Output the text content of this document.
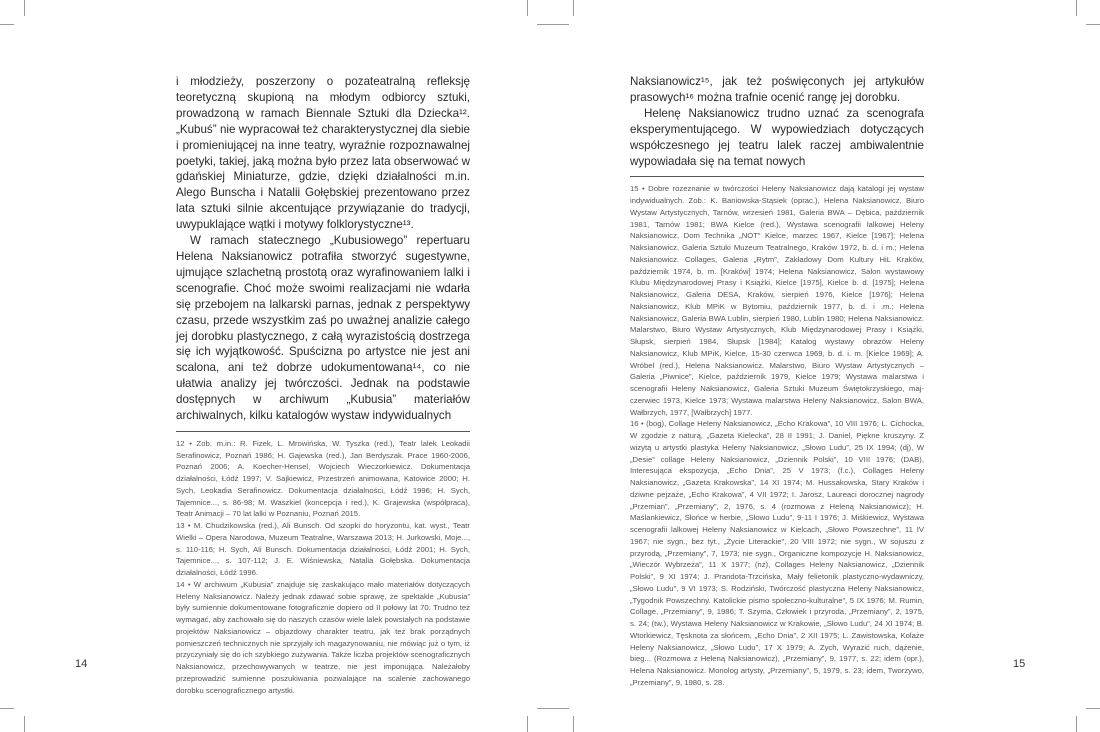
i młodzieży, poszerzony o pozateatralną refleksję teoretyczną skupioną na młodym odbiorcy sztuki, prowadzoną w ramach Biennale Sztuki dla Dziecka¹². „Kubuś” nie wypracował też charakterystycznej dla siebie i promieniującej na inne teatry, wyraźnie rozpoznawalnej poetyki, takiej, jaką można było przez lata obserwować w gdańskiej Miniaturze, gdzie, dzięki działalności m.in. Alego Bunscha i Natalii Gołębskiej prezentowano przez lata sztuki silnie akcentujące przywiązanie do tradycji, uwypuklające wątki i motywy folklorystyczne¹³.

W ramach statecznego „Kubusiowego” repertuaru Helena Naksianowicz potrafiła stworzyć sugestywne, ujmujące szlachetną prostotą oraz wyrafinowaniem lalki i scenografie. Choć może swoimi realizacjami nie wdarła się przebojem na lalkarski parnas, jednak z perspektywy czasu, przede wszystkim zaś po uważnej analizie całego jej dorobku plastycznego, z całą wyrazistością dostrzega się ich wyjątkowość. Spuścizna po artystce nie jest ani scalona, ani też dobrze udokumentowana¹⁴, co nie ułatwia analizy jej twórczości. Jednak na podstawie dostępnych w archiwum „Kubusia” materiałów archiwalnych, kilku katalogów wystaw indywidualnych

12 • Zob. m.in.: R. Fizek, L. Mrowińska, W. Tyszka (red.), Teatr lalek Leokadii Serafinowicz, Poznań 1986; H. Gajewska (red.), Jan Berdyszak. Prace 1960-2006, Poznań 2006; A. Koecher-Hensel, Wojciech Wieczorkiewicz. Dokumentacja działalności, Łódź 1997; V. Sajkiewicz, Przestrzeń animowana, Katowice 2000; H. Sych, Leokadia Serafinowicz. Dokumentacja działalności, Łódź 1996; H. Sych, Tajemnice..., s. 86-98; M. Waszkiel (koncepcja i red.), K. Grajewska (współpraca), Teatr Animacji – 70 lat lalki w Poznaniu, Poznań 2015.

13 • M. Chudzikowska (red.), Ali Bunsch. Od szopki do horyzontu, kat. wyst., Teatr Wielki – Opera Narodowa, Muzeum Teatralne, Warszawa 2013; H. Jurkowski, Moje..., s. 110-116; H. Sych, Ali Bunsch. Dokumentacja działalności, Łódź 2001; H. Sych, Tajemnice..., s. 107-112; J. E. Wiśniewska, Natalia Gołębska. Dokumentacja działalności, Łódź 1996.

14 • W archiwum „Kubusia” znajduje się zaskakująco mało materiałów dotyczących Heleny Naksianowicz. Należy jednak zdawać sobie sprawę, że spektakle „Kubusia” były sumiennie dokumentowane fotograficznie dopiero od II połowy lat 70. Trudno też wymagać, aby zachowało się do naszych czasów wiele lalek powstałych na podstawie projektów Naksianowicz – objazdowy charakter teatru, jak też brak porządnych pomieszczeń technicznych nie sprzyjały ich magazynowaniu, nie mówiąc już o tym, iż przyczyniały się do ich szybkiego zużywania. Także liczba projektów scenograficznych Naksianowicz, przechowywanych w teatrze, nie jest imponująca. Należałoby przeprowadzić sumienne poszukiwania pozwalające na scalenie zachowanego dorobku scenograficznego artystki.

Naksianowicz¹⁵, jak też poświęconych jej artykułów prasowych¹⁶ można trafnie ocenić rangę jej dorobku.

Helenę Naksianowicz trudno uznać za scenografa eksperymentującego. W wypowiedziach dotyczących współczesnego jej teatru lalek raczej ambiwalentnie wypowiadała się na temat nowych

15 • Dobre rozeznanie w twórczości Heleny Naksianowicz dają katalogi jej wystaw indywidualnych. Zob.: K. Baniowska-Stąsiek (oprac.), Helena Naksianowicz, Biuro Wystaw Artystycznych, Tarnów, wrzesień 1981, Galeria BWA – Dębica, październik 1981, Tarnów 1981; BWA Kielce (red.), Wystawa scenografii lalkowej Heleny Naksianowicz, Dom Technika „NOT” Kielce, marzec 1967, Kielce [1967]; Helena Naksianowicz, Galeria Sztuki Muzeum Teatralnego, Kraków 1972, b. d. i m.; Helena Naksianowicz. Collages, Galeria „Rytm”, Zakładowy Dom Kultury HiL Kraków, październik 1974, b. m. [Kraków] 1974; Helena Naksianowicz, Salon wystawowy Klubu Międzynarodowej Prasy i Książki, Kielce [1975], Kielce b. d. [1975]; Helena Naksianowicz, Galeria DESA, Kraków, sierpień 1976, Kielce [1976]; Helena Naksianowicz, Klub MPiK w Bytomiu, październik 1977, b. d. i .m.; Helena Naksianowicz, Galeria BWA Lublin, sierpień 1980, Lublin 1980; Helena Naksianowicz. Malarstwo, Biuro Wystaw Artystycznych, Klub Międzynarodowej Prasy i Książki, Słupsk, sierpień 1984, Słupsk [1984]; Katalog wystawy obrazów Heleny Naksianowicz, Klub MPiK, Kielce, 15-30 czerwca 1969, b. d. i. m. [Kielce 1969]; A. Wróbel (red.), Helena Naksianowicz. Malarstwo, Biuro Wystaw Artystycznych – Galeria „Piwnice”, Kielce, październik 1979, Kielce 1979; Wystawa malarstwa i scenografii Heleny Naksianowicz, Galeria Sztuki Muzeum Świętokrzyskiego, maj-czerwiec 1973, Kielce 1973; Wystawa malarstwa Heleny Naksianowicz, Salon BWA, Wałbrzych, 1977, [Wałbrzych] 1977.

16 • (bog), Collage Heleny Naksianowicz, „Echo Krakowa”, 10 VIII 1976; L. Cichocka, W zgodzie z naturą, „Gazeta Kielecka”, 28 II 1991; J. Daniel, Piękne kruszyny. Z wizytą u artystki plastyka Heleny Naksianowicz, „Słowo Ludu”, 25 IX 1994; (dj), W „Desie” collage Heleny Naksianowicz, „Dziennik Polski”, 10 VIII 1976; (DAB), Interesująca ekspozycja, „Echo Dnia”, 25 V 1973; (f.c.), Collages Heleny Naksianowicz, „Gazeta Krakowska”, 14 XI 1974; M. Hussakowska, Stary Kraków i dziwne pejzaże, „Echo Krakowa”, 4 VII 1972; I. Jarosz, Laureaci dorocznej nagrody „Przemian”, „Przemiany”, 2, 1976, s. 4 (rozmowa z Heleną Naksianowicz); H. Maślankiewicz, Słońce w herbie, „Słowo Ludu”, 9-11 I 1976; J. Miśkiewicz, Wystawa scenografii lalkowej Heleny Naksianowicz w Kielcach, „Słowo Powszechne”, 11 IV 1967; nie sygn., bez tyt., „Życie Literackie”, 20 VIII 1972; nie sygn., W sojuszu z przyrodą, „Przemiany”, 7, 1973; nie sygn., Organiczne kompozycje H. Naksianowicz, „Wieczór Wybrzeża”, 11 X 1977; (nz), Collages Heleny Naksianowicz, „Dziennik Polski”, 9 XI 1974; J. Prandota-Trzcińska, Mały felietonik plastyczno-wydawniczy, „Słowo Ludu”, 9 VI 1973; S. Rodziński, Twórczość plastyczna Heleny Naksianowicz, „Tygodnik Powszechny. Katolickie pismo społeczno-kulturalne”, 5 IX 1976; M. Rumin, Collage, „Przemiany”, 9, 1986; T. Szyma, Człowiek i przyroda, „Przemiany”, 2, 1975, s. 24; (tw.), Wystawa Heleny Naksianowicz w Krakowie, „Słowo Ludu”, 24 XI 1974; B. Wtorkiewicz, Tęsknota za słońcem, „Echo Dnia”, 2 XII 1975; L. Zawistowska, Kolaże Heleny Naksianowicz, „Słowo Ludu”, 17 X 1979; A. Zych, Wyrazić ruch, dążenie, bieg... (Rozmowa z Heleną Naksianowicz), „Przemiany”, 9, 1977, s. 22; idem (opr.), Helena Naksianowicz. Monolog artysty, „Przemiany”, 5, 1979, s. 23; idem, Tworzywo, „Przemiany”, 9, 1980, s. 28.

14	15
